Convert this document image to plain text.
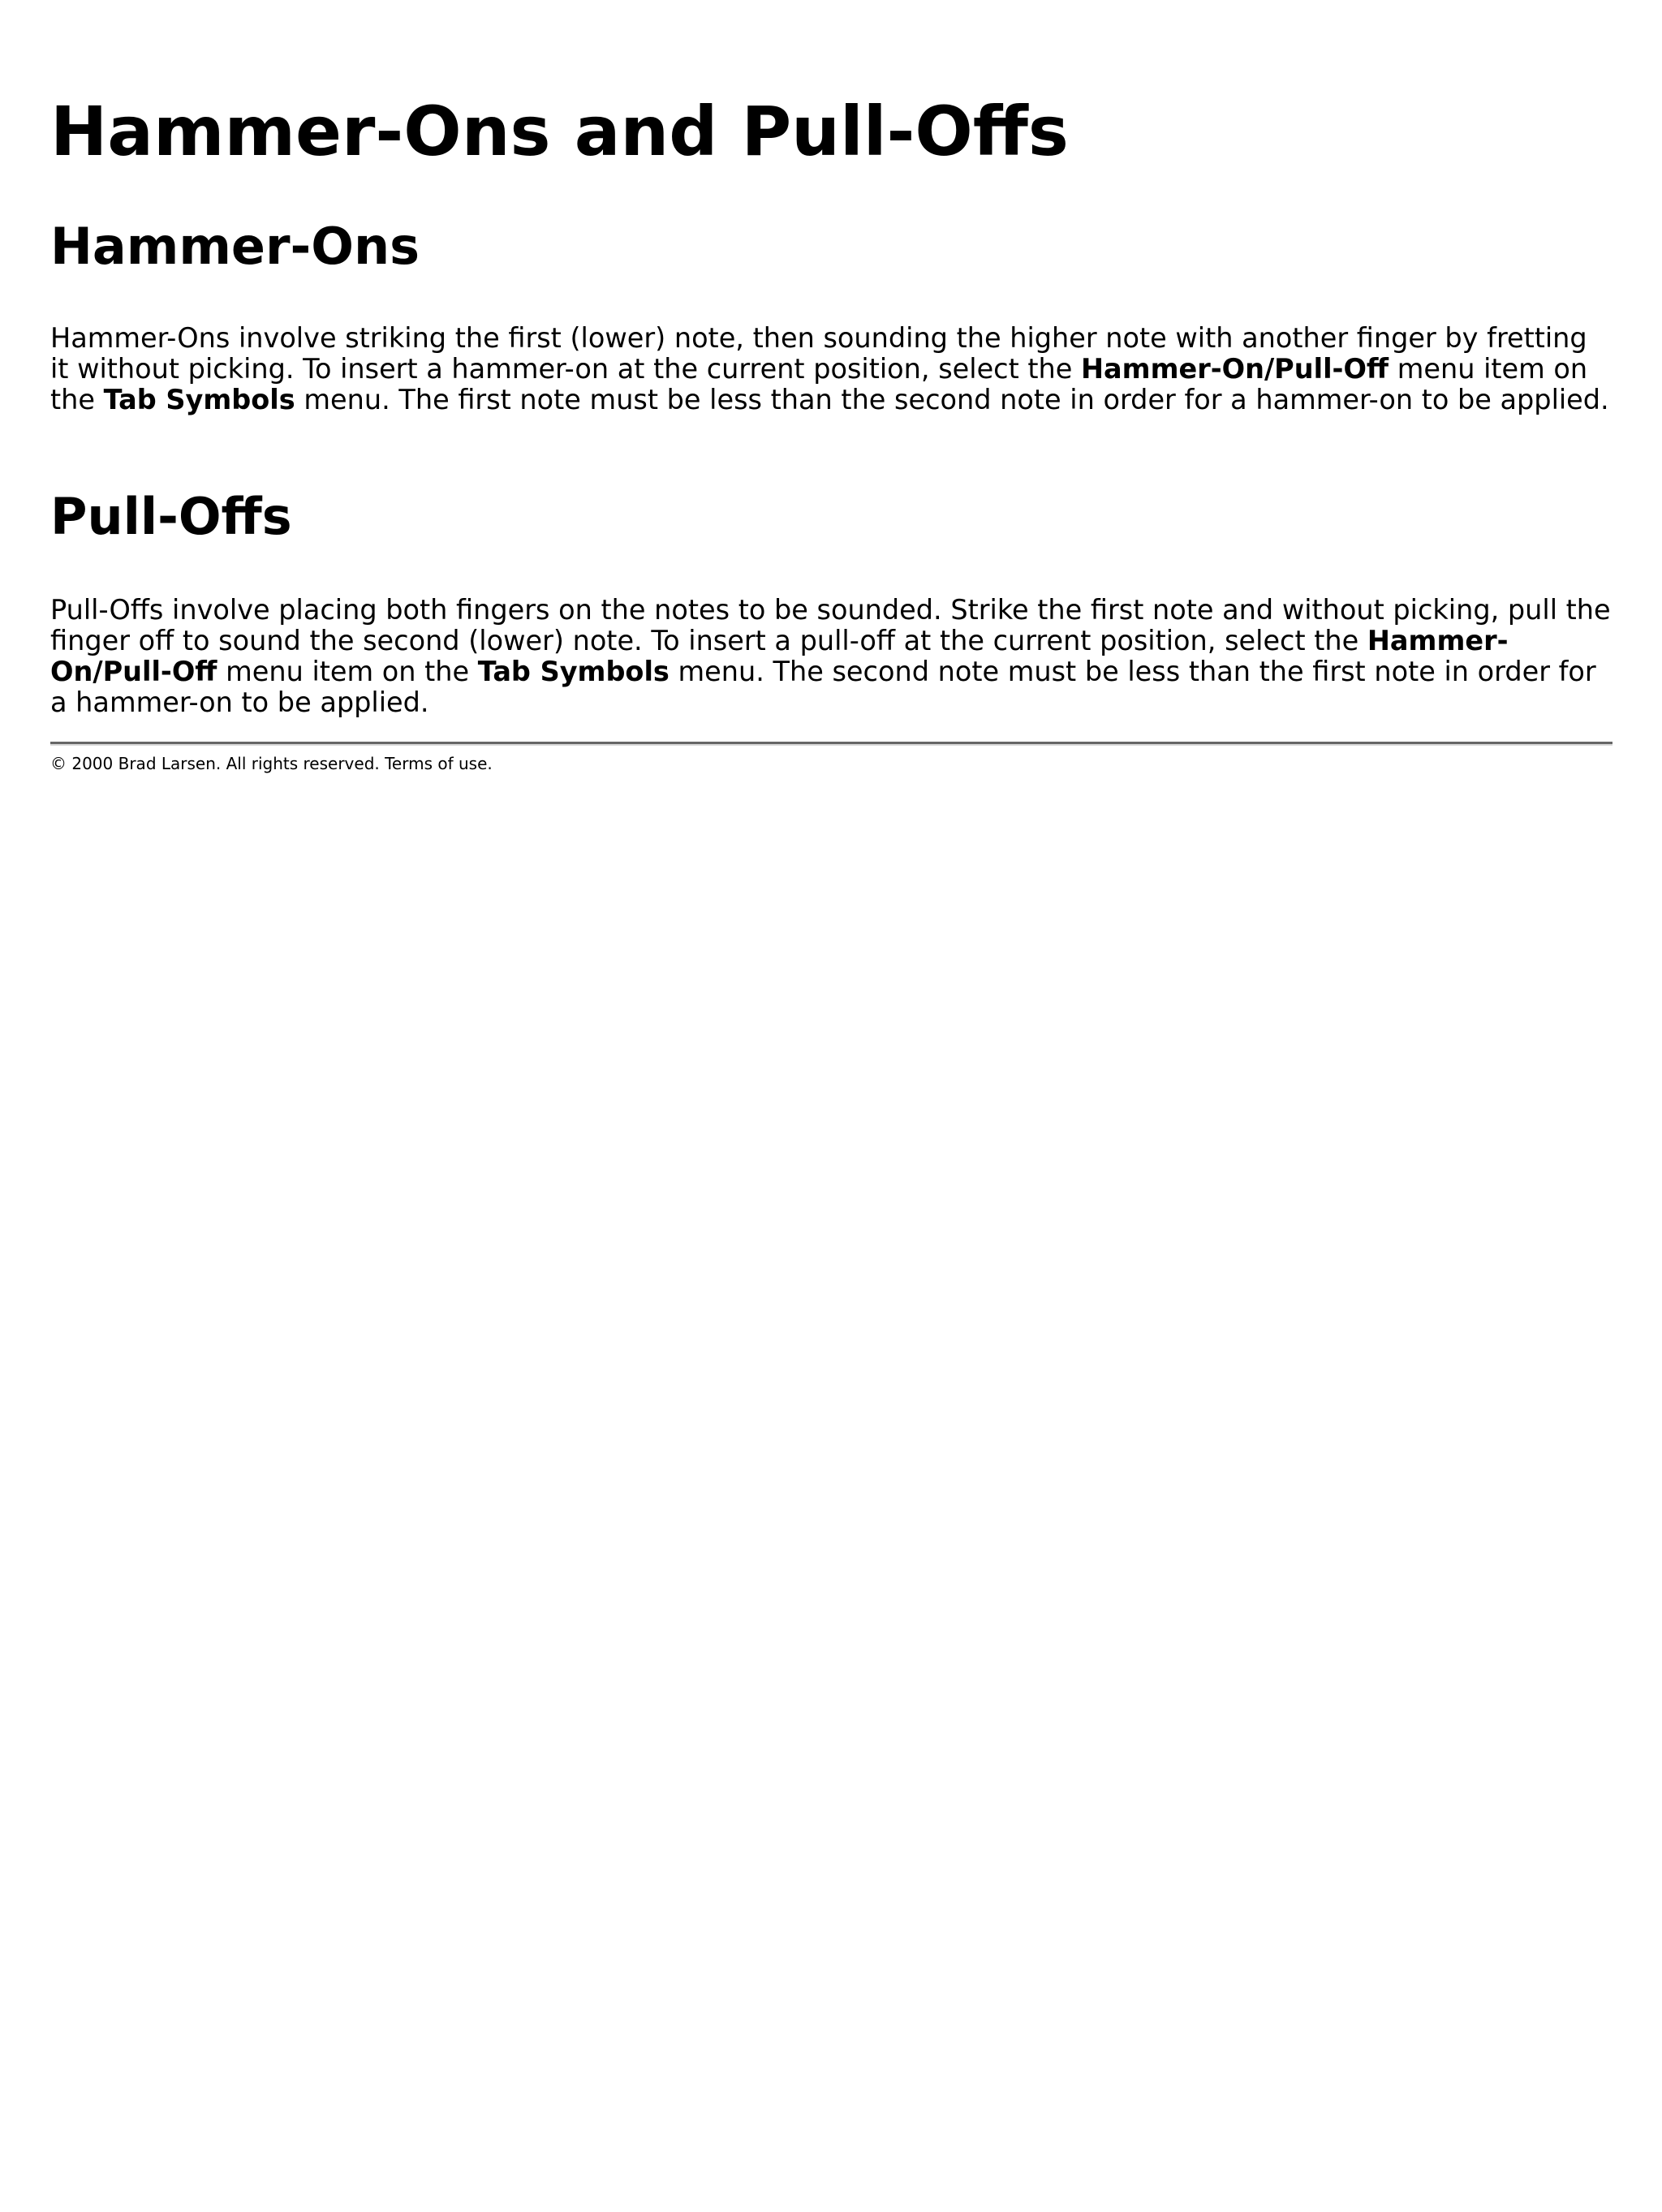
Hammer-Ons and Pull-Offs
Hammer-Ons

Hammer-Ons involve striking the first (lower) note, then sounding the higher note with another finger by fretting it without picking. To insert a hammer-on at the current position, select the Hammer-On/Pull-Off menu item on the Tab Symbols menu. The first note must be less than the second note in order for a hammer-on to be applied.

Pull-Offs

Pull-Offs involve placing both fingers on the notes to be sounded. Strike the first note and without picking, pull the finger off to sound the second (lower) note. To insert a pull-off at the current position, select the Hammer-On/Pull-Off menu item on the Tab Symbols menu. The second note must be less than the first note in order for a hammer-on to be applied.

© 2000 Brad Larsen. All rights reserved. Terms of use.
